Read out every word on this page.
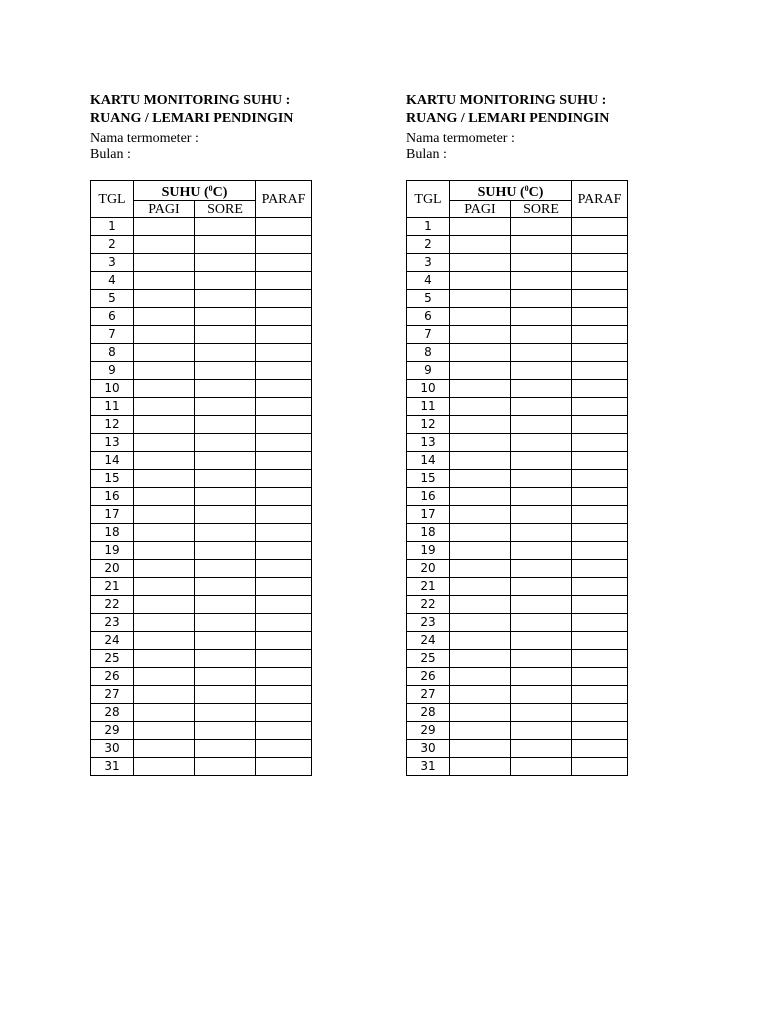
KARTU MONITORING SUHU :
RUANG / LEMARI PENDINGIN
Nama termometer :
Bulan :
TGL	SUHU ($^0$C)		PARAF
	PAGI	SORE	
1			
2			
3			
4			
5			
6			
7			
8			
9			
10			
11			
12			
13			
14			
15			
16			
17			
18			
19			
20			
21			
22			
23			
24			
25			
26			
27			
28			
29			
30			
31			
KARTU MONITORING SUHU :
RUANG / LEMARI PENDINGIN
Nama termometer :
Bulan :
TGL	SUHU ($^0$C)		PARAF
	PAGI	SORE	
1			
2			
3			
4			
5			
6			
7			
8			
9			
10			
11			
12			
13			
14			
15			
16			
17			
18			
19			
20			
21			
22			
23			
24			
25			
26			
27			
28			
29			
30			
31			
